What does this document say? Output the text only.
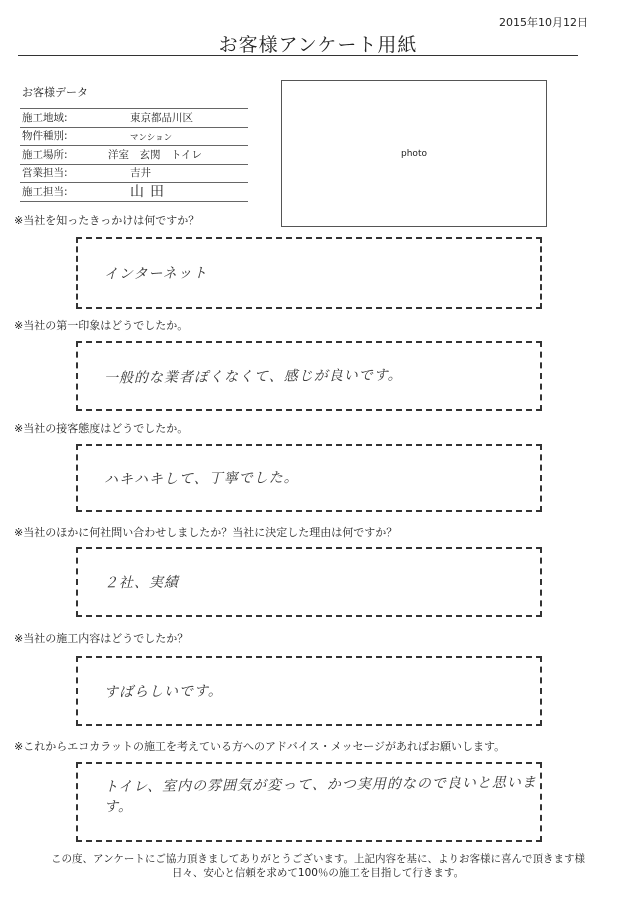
2015年10月12日
お客様アンケート用紙
お客様データ
施工地域:	東京都品川区
物件種別:	マンション
施工場所:	洋室　玄関　トイレ
営業担当:	吉井
施工担当:	山田
photo
※当社を知ったきっかけは何ですか？
インターネット
※当社の第一印象はどうでしたか。
一般的な業者ぽくなくて、感じが良いです。
※当社の接客態度はどうでしたか。
ハキハキして、丁寧でした。
※当社のほかに何社問い合わせしましたか？当社に決定した理由は何ですか？
２社、実績
※当社の施工内容はどうでしたか？
すばらしいです。
※これからエコカラットの施工を考えている方へのアドバイス・メッセージがあればお願いします。
トイレ、室内の雰囲気が変って、かつ実用的なので良いと思います。
この度、アンケートにご協力頂きましてありがとうございます。上記内容を基に、よりお客様に喜んで頂きます様
日々、安心と信頼を求めて100％の施工を目指して行きます。
